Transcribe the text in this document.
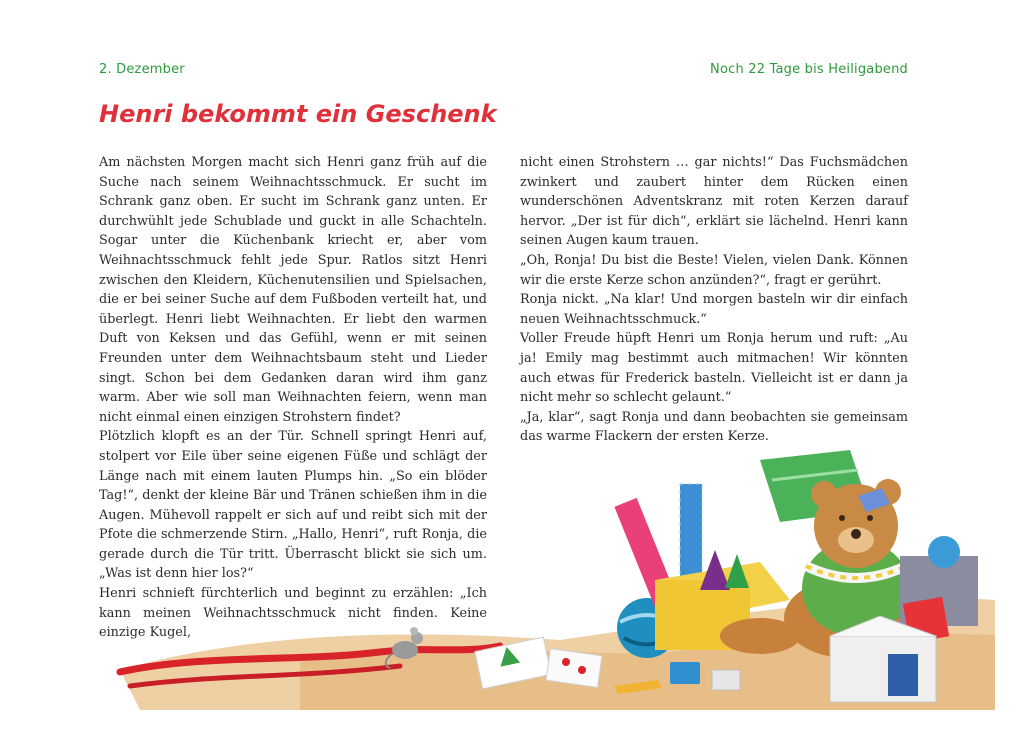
2. Dezember	Noch 22 Tage bis Heiligabend
Henri bekommt ein Geschenk

Am nächsten Morgen macht sich Henri ganz früh auf die Suche nach seinem Weihnachtsschmuck. Er sucht im Schrank ganz oben. Er sucht im Schrank ganz unten. Er durchwühlt jede Schublade und guckt in alle Schachteln. Sogar unter die Küchenbank kriecht er, aber vom Weihnachtsschmuck fehlt jede Spur. Ratlos sitzt Henri zwischen den Kleidern, Küchenutensilien und Spielsachen, die er bei seiner Suche auf dem Fußboden verteilt hat, und überlegt. Henri liebt Weihnachten. Er liebt den warmen Duft von Keksen und das Gefühl, wenn er mit seinen Freunden unter dem Weihnachtsbaum steht und Lieder singt. Schon bei dem Gedanken daran wird ihm ganz warm. Aber wie soll man Weihnachten feiern, wenn man nicht einmal einen einzigen Strohstern findet?

Plötzlich klopft es an der Tür. Schnell springt Henri auf, stolpert vor Eile über seine eigenen Füße und schlägt der Länge nach mit einem lauten Plumps hin. „So ein blöder Tag!“, denkt der kleine Bär und Tränen schießen ihm in die Augen. Mühevoll rappelt er sich auf und reibt sich mit der Pfote die schmerzende Stirn. „Hallo, Henri“, ruft Ronja, die gerade durch die Tür tritt. Überrascht blickt sie sich um. „Was ist denn hier los?“

Henri schnieft fürchterlich und beginnt zu erzählen: „Ich kann meinen Weihnachtsschmuck nicht finden. Keine einzige Kugel,

nicht einen Strohstern … gar nichts!“ Das Fuchsmädchen zwinkert und zaubert hinter dem Rücken einen wunderschönen Adventskranz mit roten Kerzen darauf hervor. „Der ist für dich“, erklärt sie lächelnd. Henri kann seinen Augen kaum trauen.

„Oh, Ronja! Du bist die Beste! Vielen, vielen Dank. Können wir die erste Kerze schon anzünden?“, fragt er gerührt.

Ronja nickt. „Na klar! Und morgen basteln wir dir einfach neuen Weihnachtsschmuck.“

Voller Freude hüpft Henri um Ronja herum und ruft: „Au ja! Emily mag bestimmt auch mitmachen! Wir könnten auch etwas für Frederick basteln. Vielleicht ist er dann ja nicht mehr so schlecht gelaunt.“

„Ja, klar“, sagt Ronja und dann beobachten sie gemeinsam das warme Flackern der ersten Kerze.
